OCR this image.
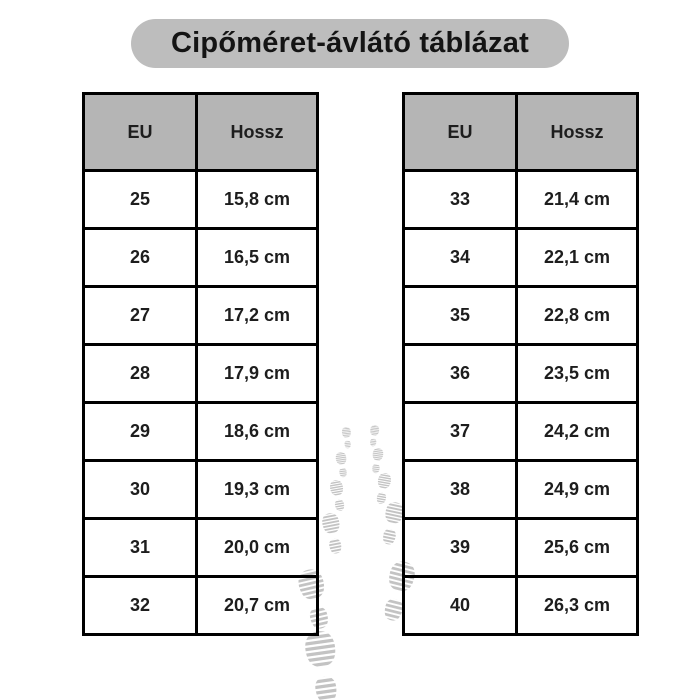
Cipőméret-ávlátó táblázat
EU	Hossz
25	15,8 cm
26	16,5 cm
27	17,2 cm
28	17,9 cm
29	18,6 cm
30	19,3 cm
31	20,0 cm
32	20,7 cm
EU	Hossz
33	21,4 cm
34	22,1 cm
35	22,8 cm
36	23,5 cm
37	24,2 cm
38	24,9 cm
39	25,6 cm
40	26,3 cm
